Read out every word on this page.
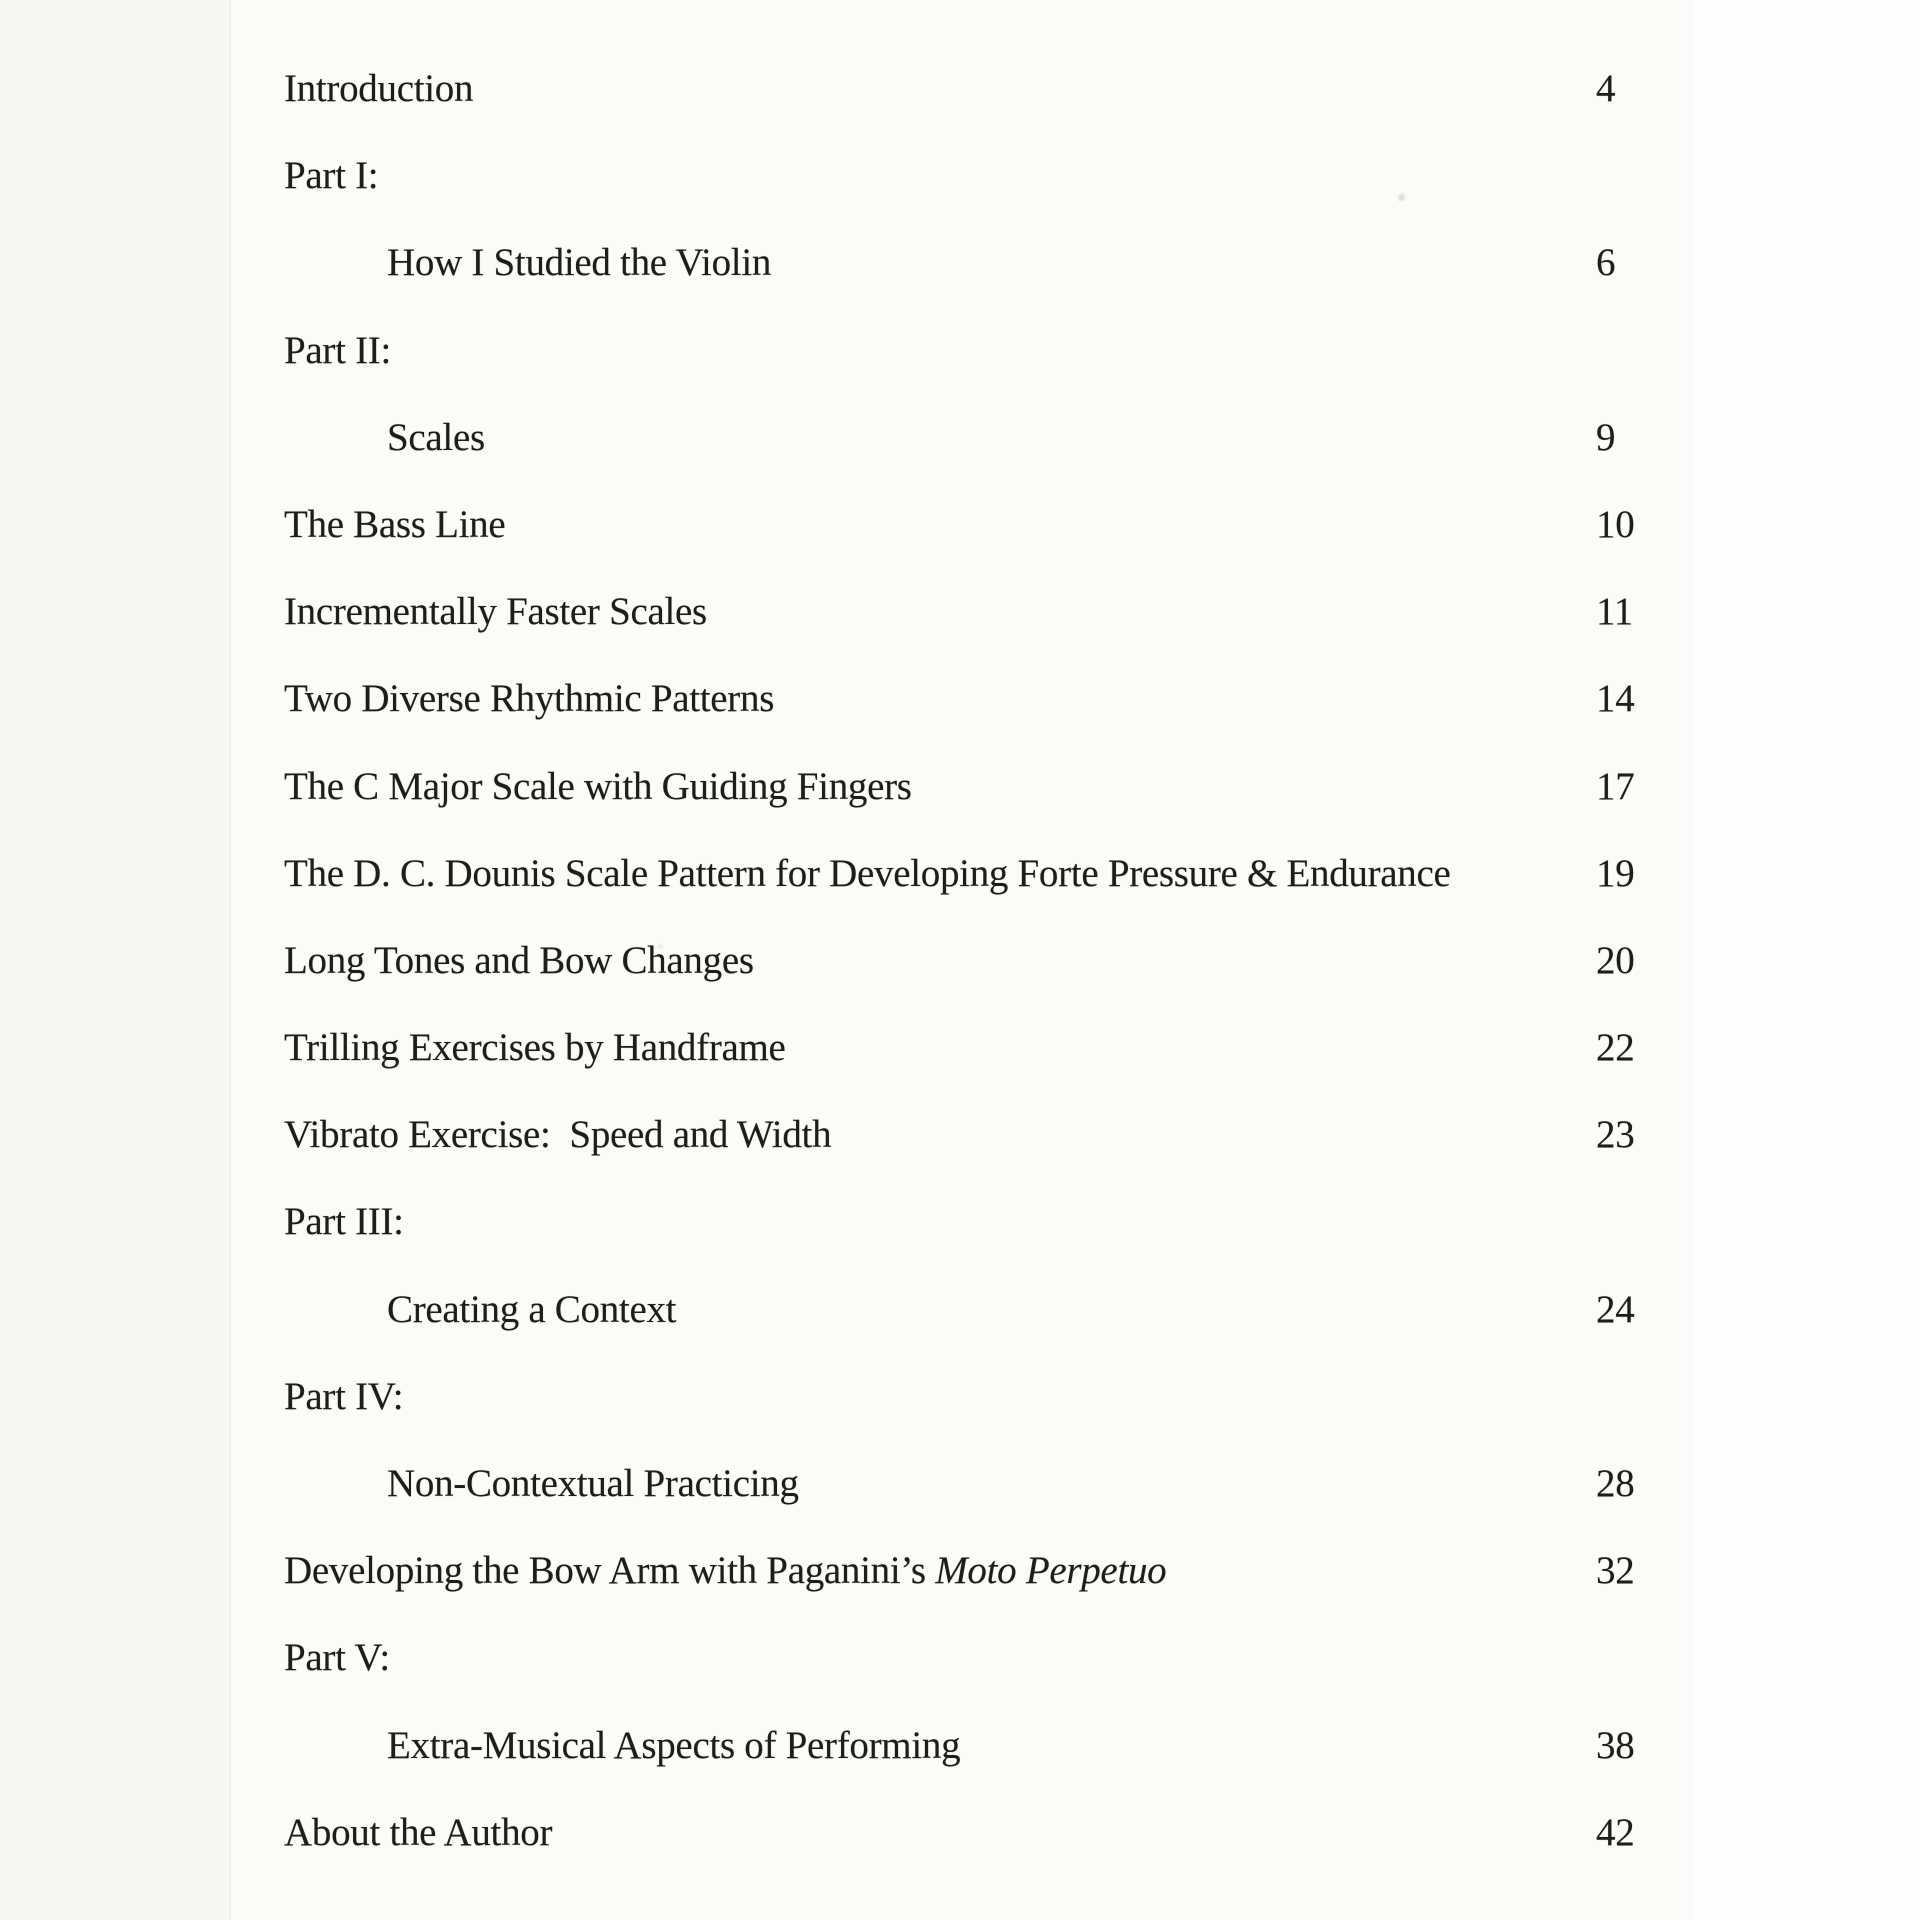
Introduction	4
Part I:
How I Studied the Violin	6
Part II:
Scales	9
The Bass Line	10
Incrementally Faster Scales	11
Two Diverse Rhythmic Patterns	14
The C Major Scale with Guiding Fingers	17
The D. C. Dounis Scale Pattern for Developing Forte Pressure & Endurance	19
Long Tones and Bow Changes	20
Trilling Exercises by Handframe	22
Vibrato Exercise:  Speed and Width	23
Part III:
Creating a Context	24
Part IV:
Non-Contextual Practicing	28
Developing the Bow Arm with Paganini’s Moto Perpetuo	32
Part V:
Extra-Musical Aspects of Performing	38
About the Author	42
